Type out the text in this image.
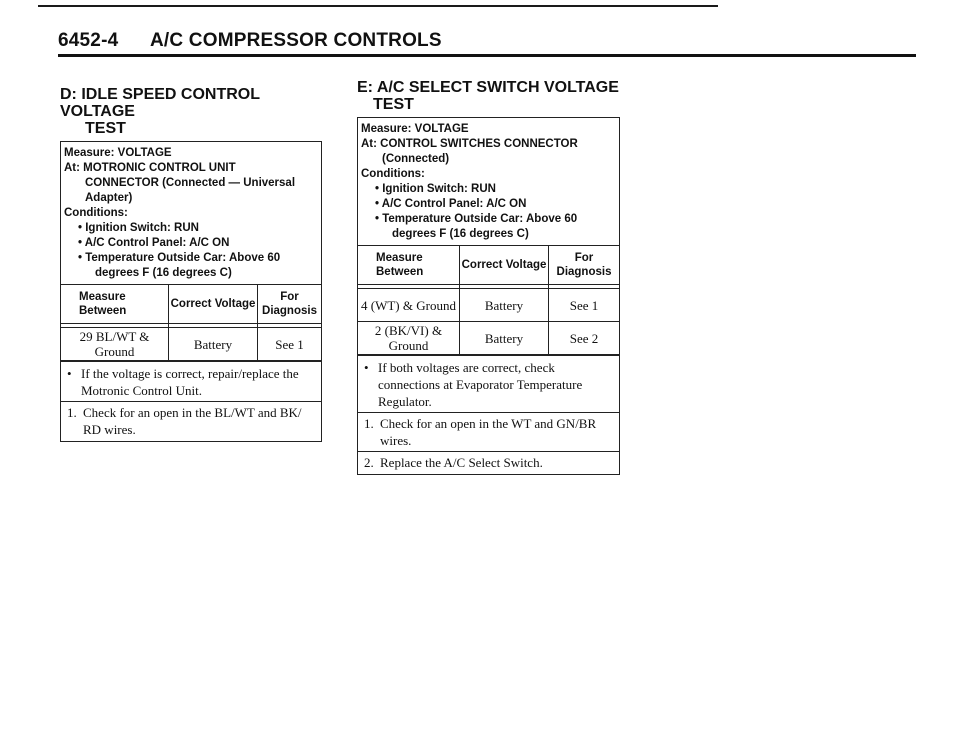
6452-4 A/C COMPRESSOR CONTROLS
D: IDLE SPEED CONTROL VOLTAGE
TEST
Measure: VOLTAGE
At: MOTRONIC CONTROL UNIT
CONNECTOR (Connected — Universal
Adapter)
Conditions:
• Ignition Switch: RUN
• A/C Control Panel: A/C ON
• Temperature Outside Car: Above 60
degrees F (16 degrees C)
Measure Between	Correct Voltage	For Diagnosis

29 BL/WT & Ground	Battery	See 1
• If the voltage is correct, repair/replace the Motronic Control Unit.
1. Check for an open in the BL/WT and BK/ RD wires.
E: A/C SELECT SWITCH VOLTAGE
TEST
Measure: VOLTAGE
At: CONTROL SWITCHES CONNECTOR
(Connected)
Conditions:
• Ignition Switch: RUN
• A/C Control Panel: A/C ON
• Temperature Outside Car: Above 60
degrees F (16 degrees C)
Measure Between	Correct Voltage	For Diagnosis

4 (WT) & Ground	Battery	See 1
2 (BK/VI) & Ground	Battery	See 2
• If both voltages are correct, check connections at Evaporator Temperature Regulator.
1. Check for an open in the WT and GN/BR wires.
2. Replace the A/C Select Switch.
